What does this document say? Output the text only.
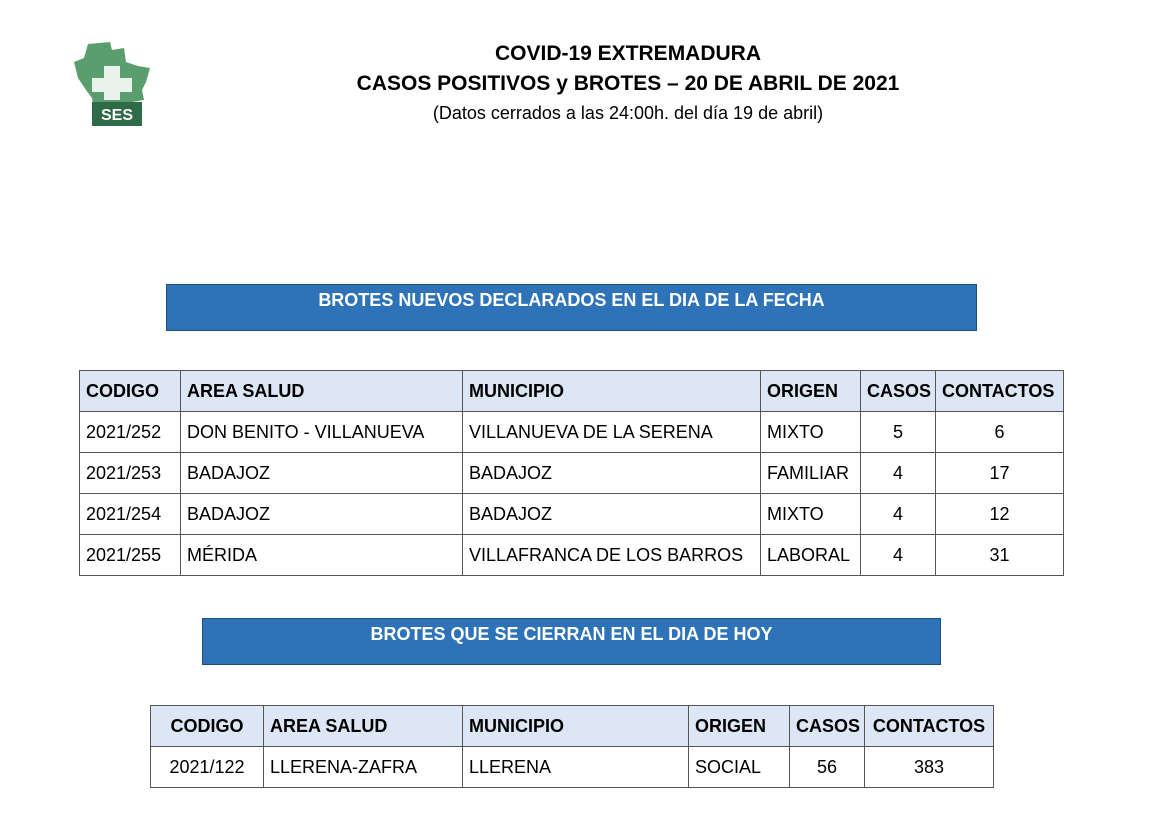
SES
COVID-19 EXTREMADURA
CASOS POSITIVOS y BROTES – 20 DE ABRIL DE 2021
(Datos cerrados a las 24:00h. del día 19 de abril)
BROTES NUEVOS DECLARADOS EN EL DIA DE LA FECHA
CODIGO	AREA SALUD	MUNICIPIO	ORIGEN	CASOS	CONTACTOS
2021/252	DON BENITO - VILLANUEVA	VILLANUEVA DE LA SERENA	MIXTO	5	6
2021/253	BADAJOZ	BADAJOZ	FAMILIAR	4	17
2021/254	BADAJOZ	BADAJOZ	MIXTO	4	12
2021/255	MÉRIDA	VILLAFRANCA DE LOS BARROS	LABORAL	4	31
BROTES QUE SE CIERRAN EN EL DIA DE HOY
CODIGO	AREA SALUD	MUNICIPIO	ORIGEN	CASOS	CONTACTOS
2021/122	LLERENA-ZAFRA	LLERENA	SOCIAL	56	383
